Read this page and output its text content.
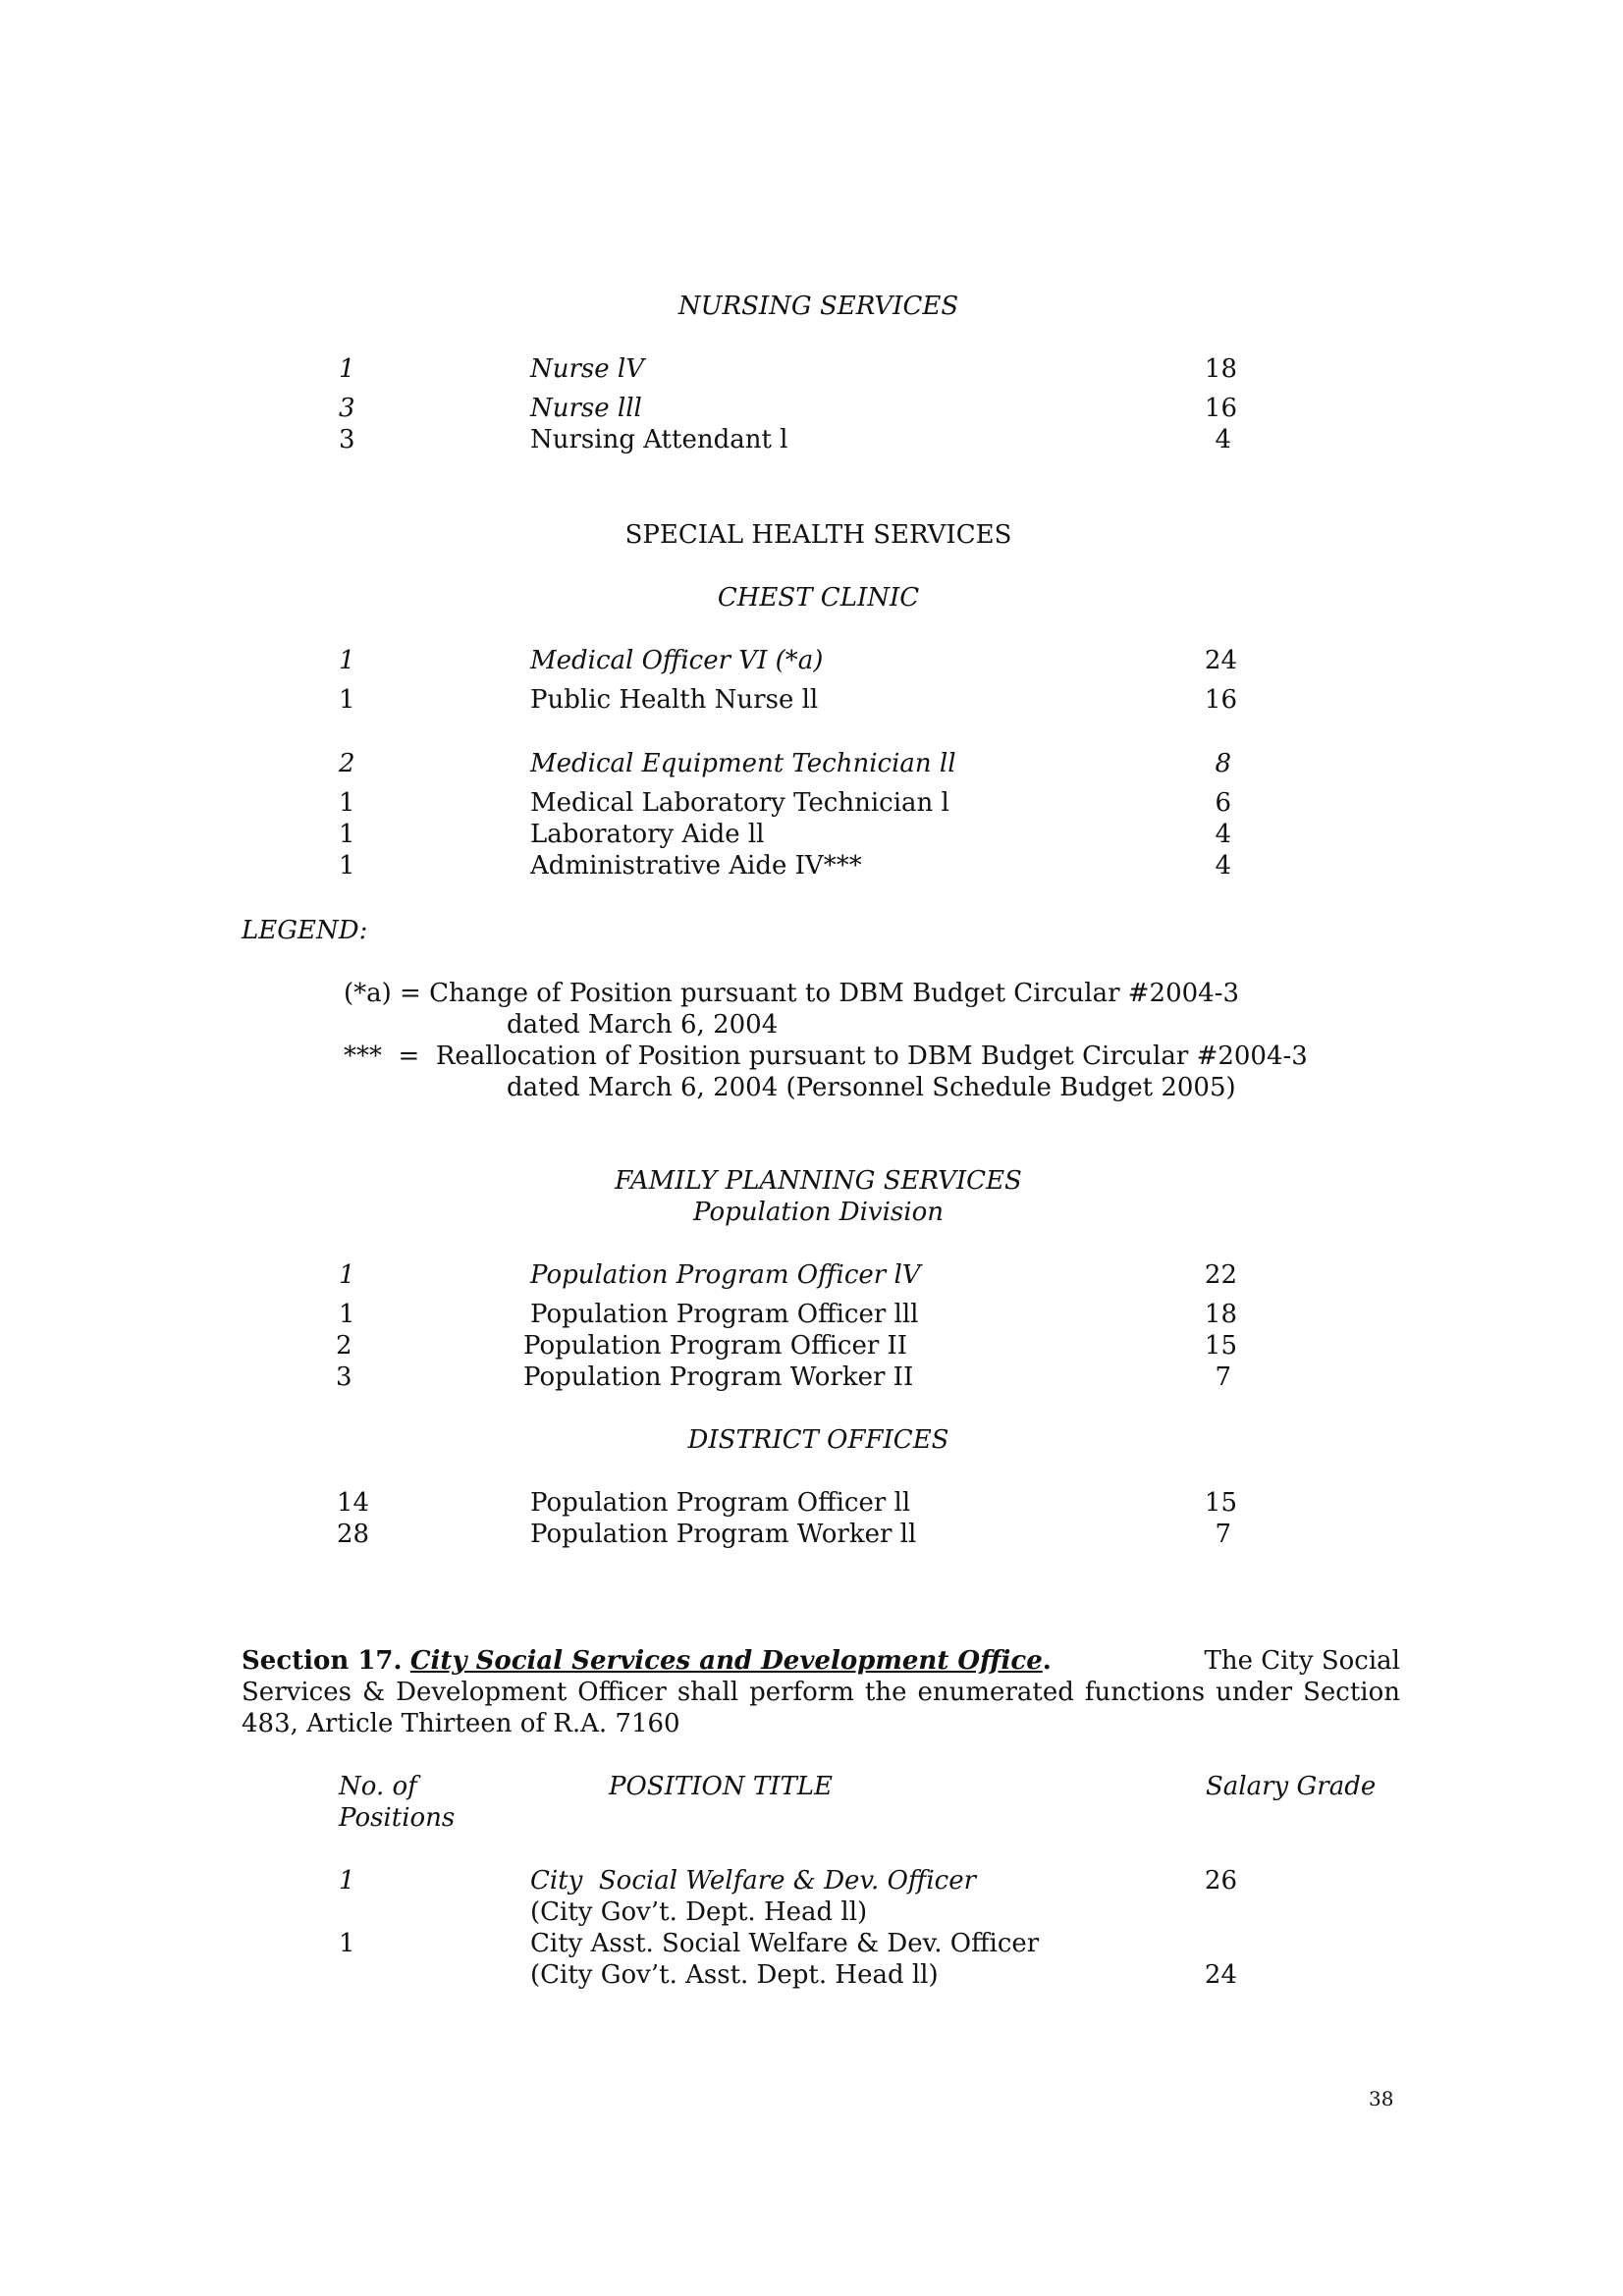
NURSING SERVICES
1	Nurse lV	18
3	Nurse lll	16
3	Nursing Attendant l	4
SPECIAL HEALTH SERVICES
CHEST CLINIC
1	Medical Officer VI (*a)	24
1	Public Health Nurse ll	16
2	Medical Equipment Technician ll	8
1	Medical Laboratory Technician l	6
1	Laboratory Aide ll	4
1	Administrative Aide IV***	4
LEGEND:
(*a) = Change of Position pursuant to DBM Budget Circular #2004-3
dated March 6, 2004
***  =  Reallocation of Position pursuant to DBM Budget Circular #2004-3
dated March 6, 2004 (Personnel Schedule Budget 2005)
FAMILY PLANNING SERVICES
Population Division
1	Population Program Officer lV	22
1	Population Program Officer lll	18
2	Population Program Officer II	15
3	Population Program Worker II	7
DISTRICT OFFICES
14	Population Program Officer ll	15
28	Population Program Worker ll	7
Section 17. City Social Services and Development Office.	The City Social
Services & Development Officer shall perform the enumerated functions under Section
483, Article Thirteen of R.A. 7160
No. of
Positions
POSITION TITLE	Salary Grade
1	City  Social Welfare & Dev. Officer	26
(City Gov’t. Dept. Head ll)
1	City Asst. Social Welfare & Dev. Officer
(City Gov’t. Asst. Dept. Head ll)	24
38
